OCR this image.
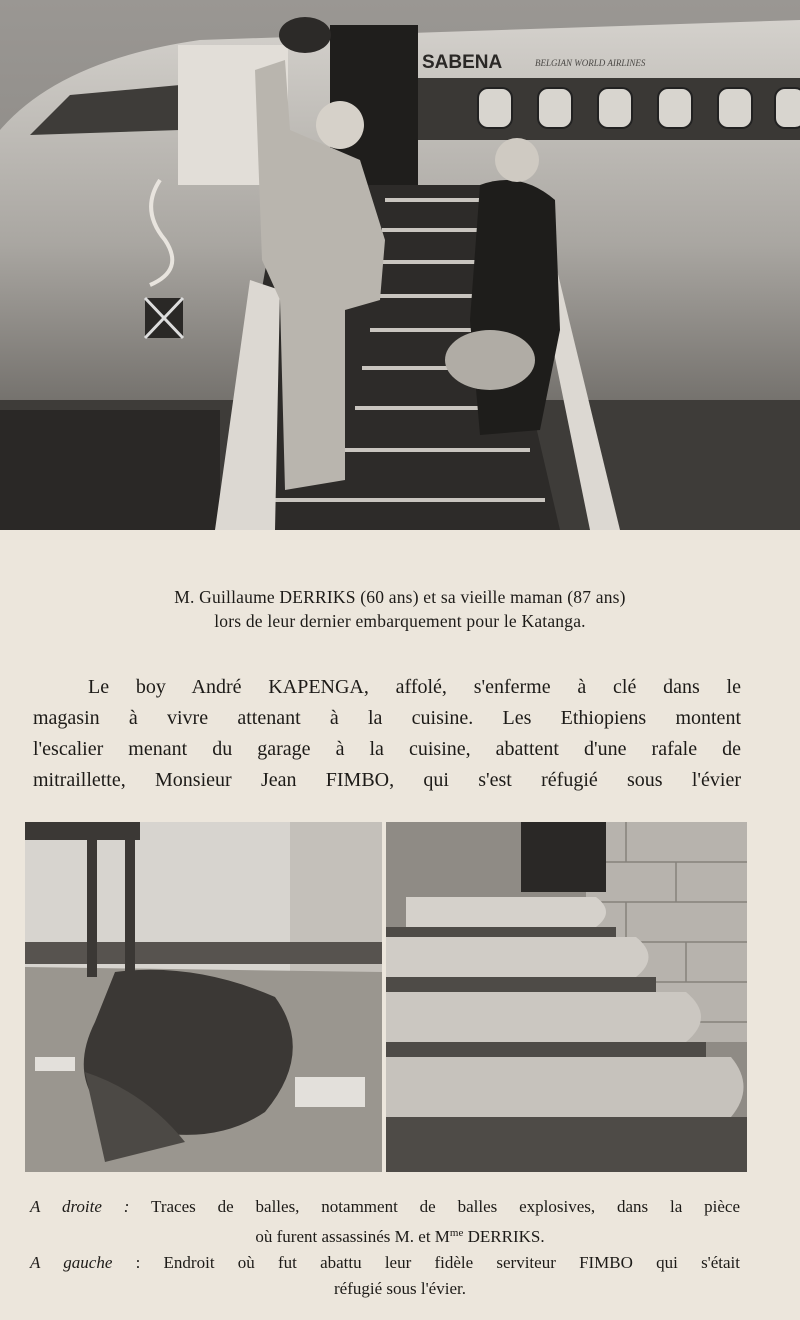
SABENA	BELGIAN WORLD AIRLINES
M. Guillaume DERRIKS (60 ans) et sa vieille maman (87 ans)
lors de leur dernier embarquement pour le Katanga.
Le boy André KAPENGA, affolé, s'enferme à clé dans le
magasin à vivre attenant à la cuisine. Les Ethiopiens montent
l'escalier menant du garage à la cuisine, abattent d'une rafale de
mitraillette, Monsieur Jean FIMBO, qui s'est réfugié sous l'évier
A droite : Traces de balles, notamment de balles explosives, dans la pièce
où furent assassinés M. et $M^{me}$ DERRIKS.
A gauche : Endroit où fut abattu leur fidèle serviteur FIMBO qui s'était
réfugié sous l'évier.
